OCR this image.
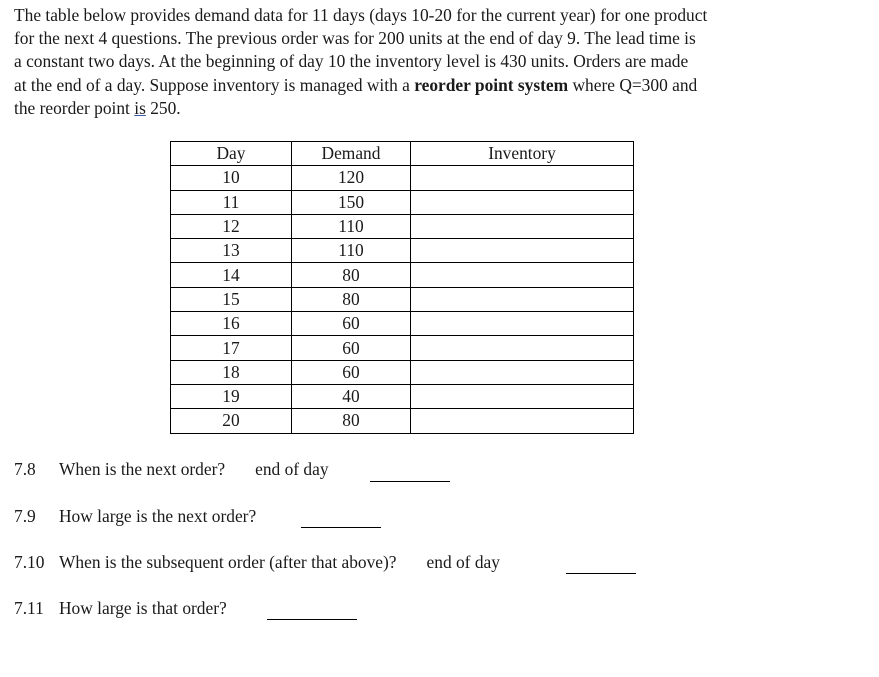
The table below provides demand data for 11 days (days 10-20 for the current year) for one product
for the next 4 questions. The previous order was for 200 units at the end of day 9. The lead time is
a constant two days. At the beginning of day 10 the inventory level is 430 units. Orders are made
at the end of a day. Suppose inventory is managed with a reorder point system where Q=300 and
the reorder point is 250.
Day	Demand	Inventory
10	120	
11	150	
12	110	
13	110	
14	80	
15	80	
16	60	
17	60	
18	60	
19	40	
20	80	
7.8 When is the next order? end of day
7.9 How large is the next order?
7.10 When is the subsequent order (after that above)? end of day
7.11 How large is that order?
